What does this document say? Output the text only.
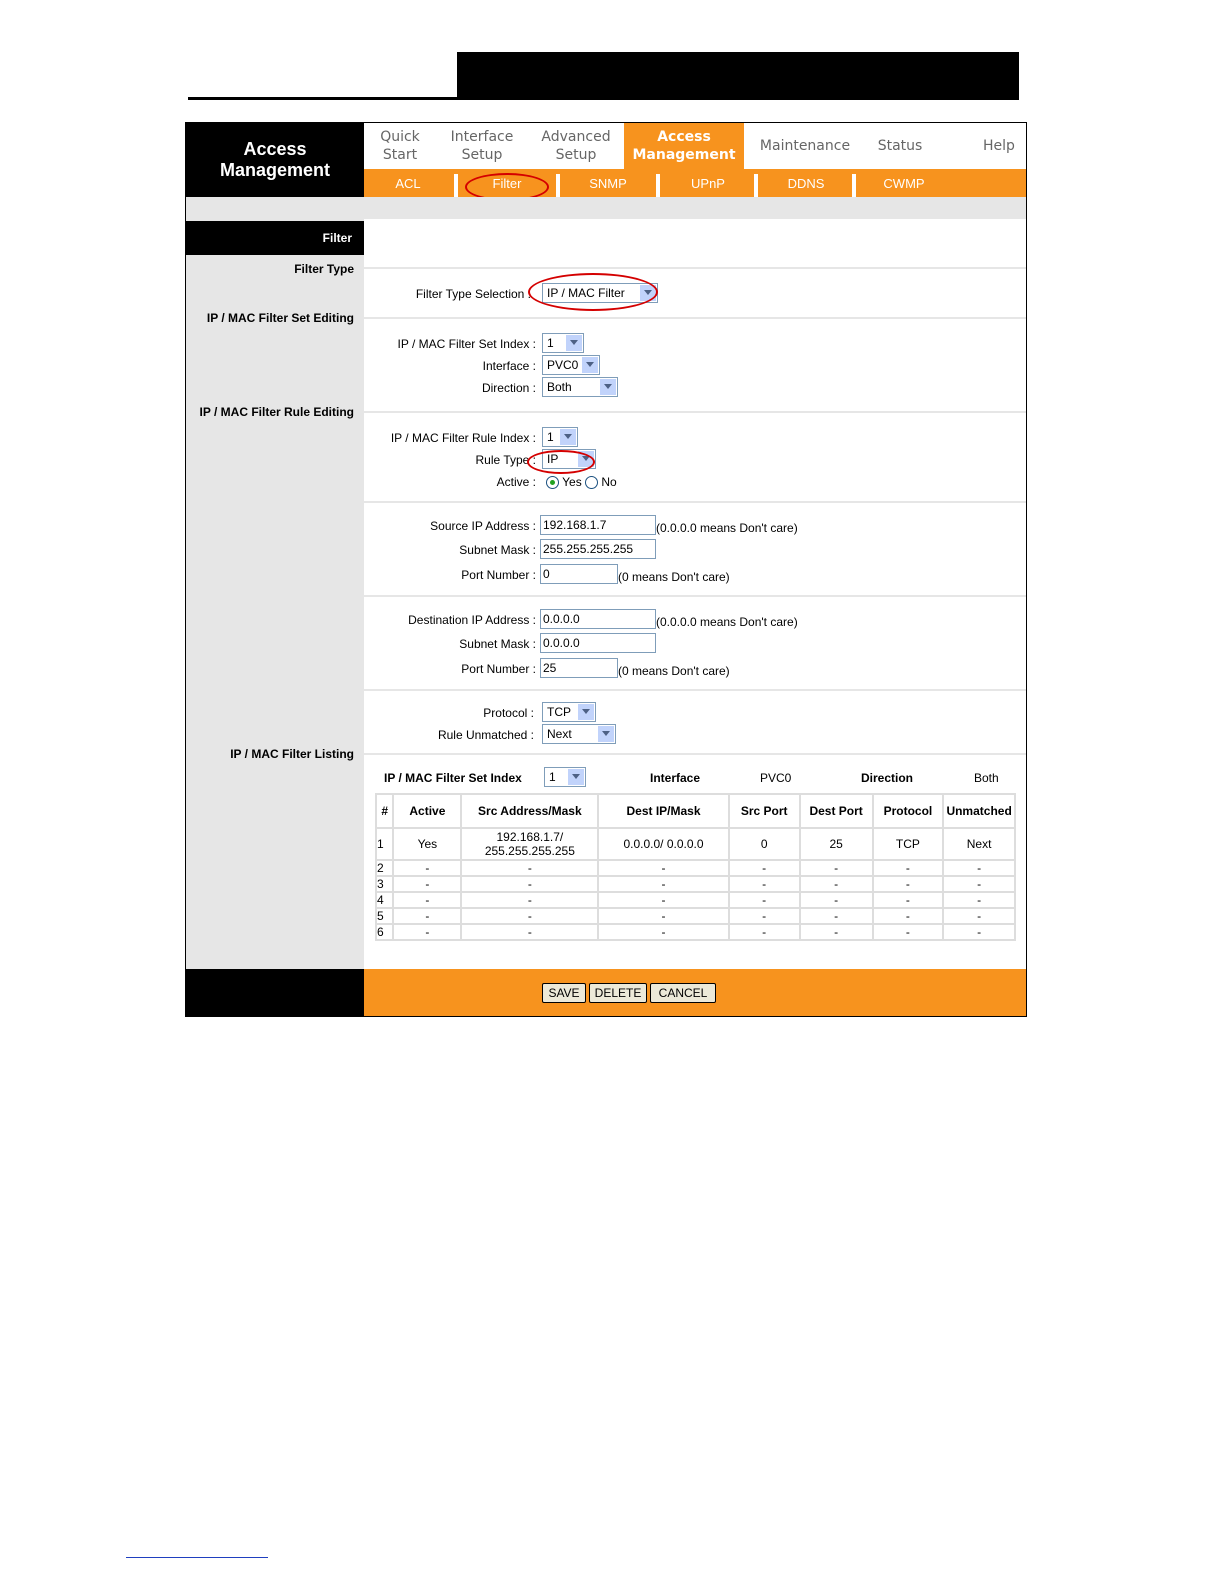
Access
Management
Quick
Start
Interface
Setup
Advanced
Setup
Access
Management
Maintenance Status	Help
ACL	Filter	SNMP	UPnP	DDNS	CWMP
Filter
Filter Type
IP / MAC Filter Set Editing
IP / MAC Filter Rule Editing
IP / MAC Filter Listing
Filter Type Selection :	IP / MAC Filter
IP / MAC Filter Set Index : 1
Interface : PVC0
Direction : Both
IP / MAC Filter Rule Index : 1
Rule Type : IP
Active :	Yes No
Source IP Address : 192.168.1.7	(0.0.0.0 means Don't care)
Subnet Mask : 255.255.255.255
Port Number : 0	(0 means Don't care)
Destination IP Address : 0.0.0.0	(0.0.0.0 means Don't care)
Subnet Mask : 0.0.0.0
Port Number : 25	(0 means Don't care)
Protocol :	TCP
Rule Unmatched :	Next
IP / MAC Filter Set Index	1	Interface	PVC0	Direction	Both
#	Active	Src Address/Mask	Dest IP/Mask	Src Port	Dest Port	Protocol	Unmatched
1	Yes	192.168.1.7/ 255.255.255.255	0.0.0.0/ 0.0.0.0	0	25	TCP	Next
2	-	-	-	-	-	-	-
3	-	-	-	-	-	-	-
4	-	-	-	-	-	-	-
5	-	-	-	-	-	-	-
6	-	-	-	-	-	-	-
SAVE	DELETE	CANCEL
